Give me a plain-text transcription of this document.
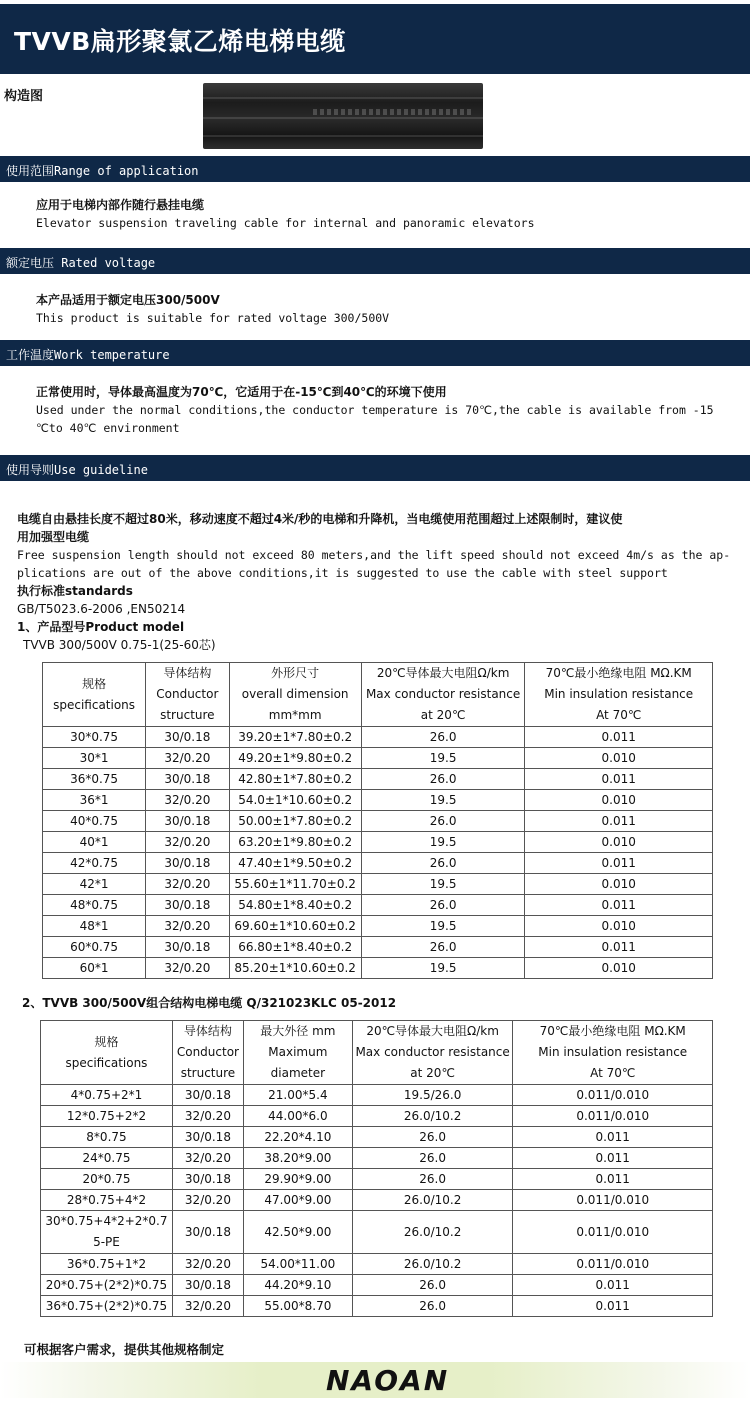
TVVB扁形聚氯乙烯电梯电缆
构造图
使用范围Range of application
应用于电梯内部作随行悬挂电缆
Elevator suspension traveling cable for internal and panoramic elevators
额定电压 Rated voltage
本产品适用于额定电压300/500V
This product is suitable for rated voltage 300/500V
工作温度Work temperature
正常使用时，导体最高温度为70℃，它适用于在-15℃到40℃的环境下使用
Used under the normal conditions,the conductor temperature is 70℃,the cable is available from -15
℃to 40℃ environment
使用导则Use guideline
电缆自由悬挂长度不超过80米，移动速度不超过4米/秒的电梯和升降机，当电缆使用范围超过上述限制时，建议使
用加强型电缆
Free suspension length should not exceed 80 meters,and the lift speed should not exceed 4m/s as the ap-
plications are out of the above conditions,it is suggested to use the cable with steel support
执行标准standards
GB/T5023.6-2006 ,EN50214
1、产品型号Product model
TVVB 300/500V 0.75-1(25-60芯)
规格
specifications	导体结构
Conductor
structure	外形尺寸
overall dimension
mm*mm	20℃导体最大电阻Ω/km
Max conductor resistance
at 20℃	70℃最小绝缘电阻 MΩ.KM
Min insulation resistance
At 70℃

30*0.75	30/0.18	39.20±1*7.80±0.2	26.0	0.011
30*1	32/0.20	49.20±1*9.80±0.2	19.5	0.010
36*0.75	30/0.18	42.80±1*7.80±0.2	26.0	0.011
36*1	32/0.20	54.0±1*10.60±0.2	19.5	0.010
40*0.75	30/0.18	50.00±1*7.80±0.2	26.0	0.011
40*1	32/0.20	63.20±1*9.80±0.2	19.5	0.010
42*0.75	30/0.18	47.40±1*9.50±0.2	26.0	0.011
42*1	32/0.20	55.60±1*11.70±0.2	19.5	0.010
48*0.75	30/0.18	54.80±1*8.40±0.2	26.0	0.011
48*1	32/0.20	69.60±1*10.60±0.2	19.5	0.010
60*0.75	30/0.18	66.80±1*8.40±0.2	26.0	0.011
60*1	32/0.20	85.20±1*10.60±0.2	19.5	0.010
2、TVVB 300/500V组合结构电梯电缆 Q/321023KLC 05-2012
规格
specifications	导体结构
Conductor
structure	最大外径 mm
Maximum
diameter	20℃导体最大电阻Ω/km
Max conductor resistance
at 20℃	70℃最小绝缘电阻 MΩ.KM
Min insulation resistance
At 70℃

4*0.75+2*1	30/0.18	21.00*5.4	19.5/26.0	0.011/0.010
12*0.75+2*2	32/0.20	44.00*6.0	26.0/10.2	0.011/0.010
8*0.75	30/0.18	22.20*4.10	26.0	0.011
24*0.75	32/0.20	38.20*9.00	26.0	0.011
20*0.75	30/0.18	29.90*9.00	26.0	0.011
28*0.75+4*2	32/0.20	47.00*9.00	26.0/10.2	0.011/0.010
30*0.75+4*2+2*0.7
5-PE	30/0.18	42.50*9.00	26.0/10.2	0.011/0.010
36*0.75+1*2	32/0.20	54.00*11.00	26.0/10.2	0.011/0.010
20*0.75+(2*2)*0.75	30/0.18	44.20*9.10	26.0	0.011
36*0.75+(2*2)*0.75	32/0.20	55.00*8.70	26.0	0.011
可根据客户需求，提供其他规格制定
NAOAN
